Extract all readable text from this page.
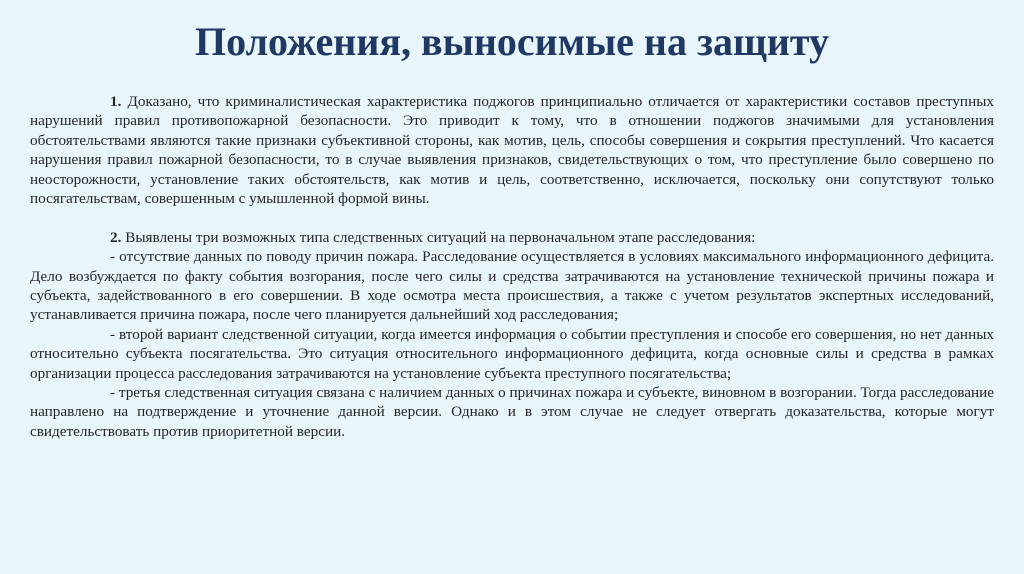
Положения, выносимые на защиту

1. Доказано, что криминалистическая характеристика поджогов принципиально отличается от характеристики составов преступных нарушений правил противопожарной безопасности. Это приводит к тому, что в отношении поджогов значимыми для установления обстоятельствами являются такие признаки субъективной стороны, как мотив, цель, способы совершения и сокрытия преступлений. Что касается нарушения правил пожарной безопасности, то в случае выявления признаков, свидетельствующих о том, что преступление было совершено по неосторожности, установление таких обстоятельств, как мотив и цель, соответственно, исключается, поскольку они сопутствуют только посягательствам, совершенным с умышленной формой вины.

2. Выявлены три возможных типа следственных ситуаций на первоначальном этапе расследования:

- отсутствие данных по поводу причин пожара. Расследование осуществляется в условиях максимального информационного дефицита. Дело возбуждается по факту события возгорания, после чего силы и средства затрачиваются на установление технической причины пожара и субъекта, задействованного в его совершении. В ходе осмотра места происшествия, а также с учетом результатов экспертных исследований, устанавливается причина пожара, после чего планируется дальнейший ход расследования;

- второй вариант следственной ситуации, когда имеется информация о событии преступления и способе его совершения, но нет данных относительно субъекта посягательства. Это ситуация относительного информационного дефицита, когда основные силы и средства в рамках организации процесса расследования затрачиваются на установление субъекта преступного посягательства;

- третья следственная ситуация связана с наличием данных о причинах пожара и субъекте, виновном в возгорании. Тогда расследование направлено на подтверждение и уточнение данной версии. Однако и в этом случае не следует отвергать доказательства, которые могут свидетельствовать против приоритетной версии.
